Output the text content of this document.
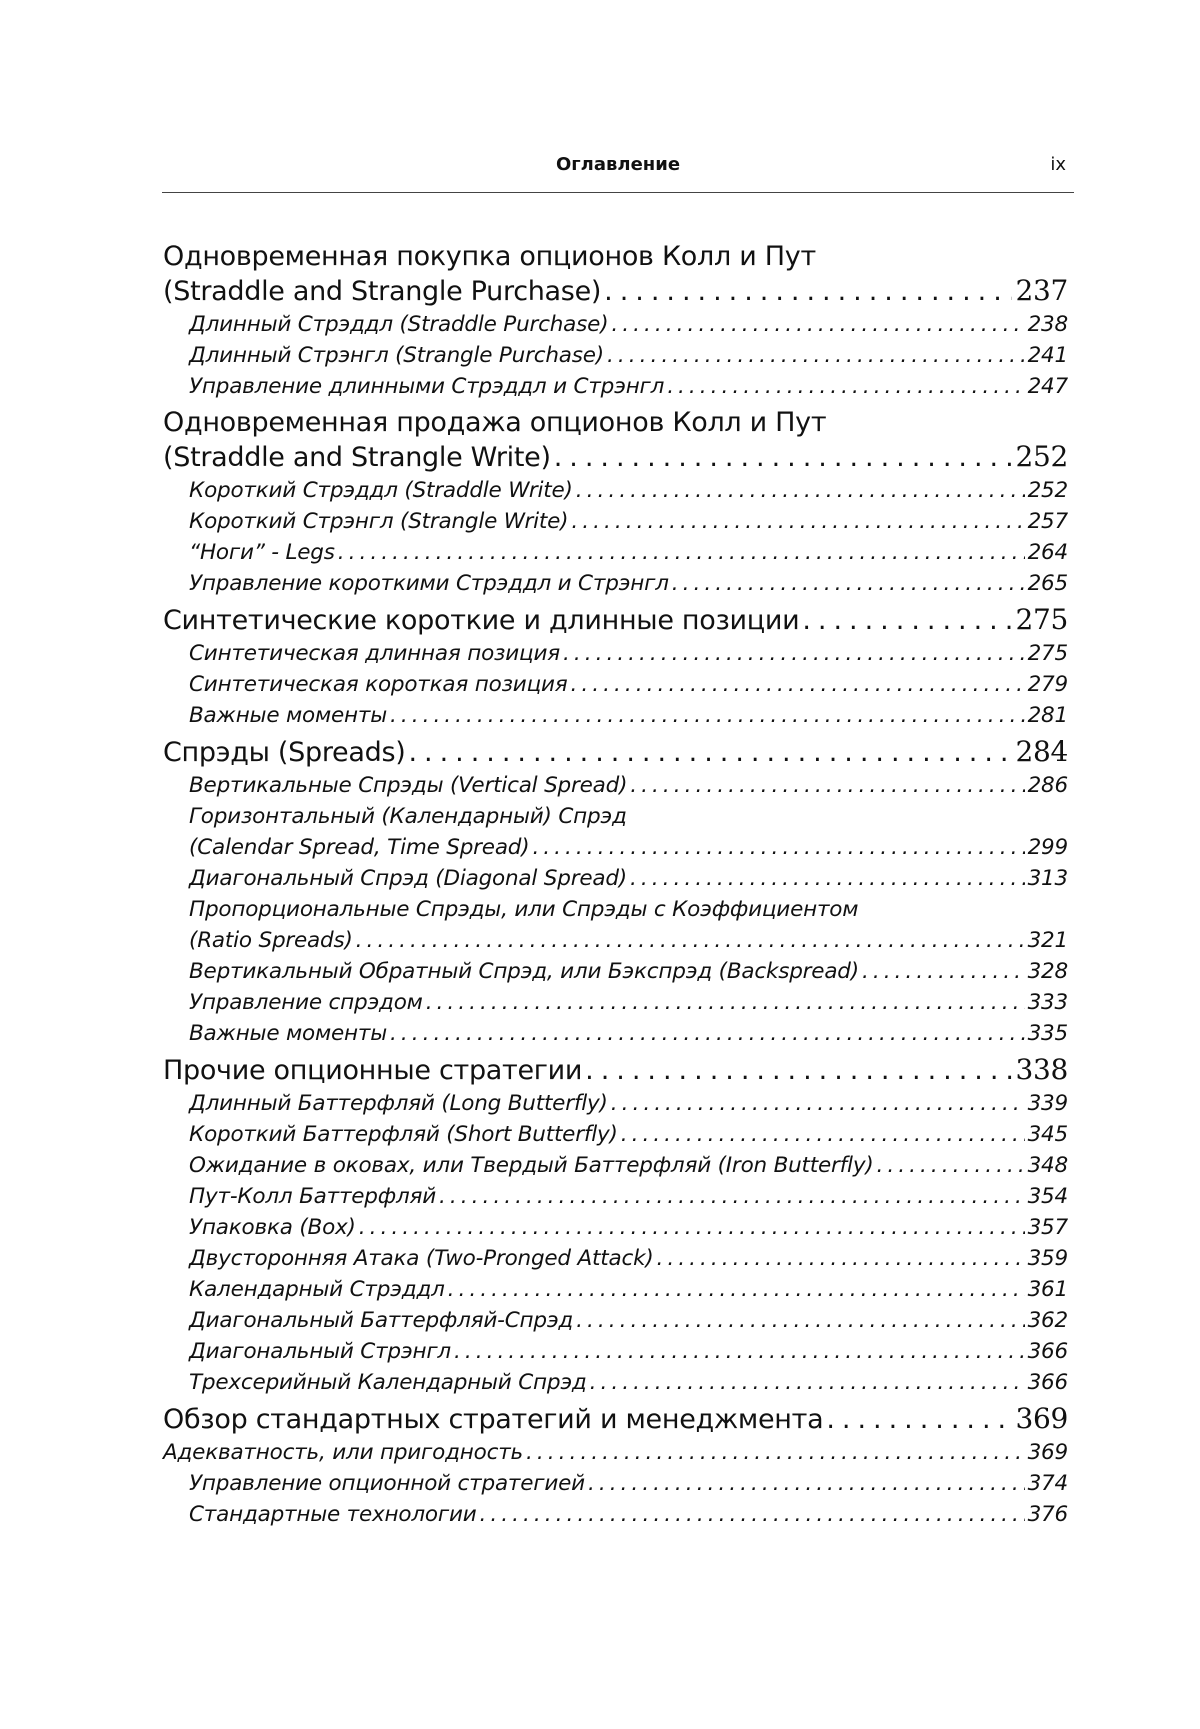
Оглавление	ix
Одновременная покупка опционов Колл и Пут
(Straddle and Strangle Purchase) . . .	237
Длинный Стрэддл (Straddle Purchase) . . .	238
Длинный Стрэнгл (Strangle Purchase) . . .	241
Управление длинными Стрэддл и Стрэнгл . . .	247
Одновременная продажа опционов Колл и Пут
(Straddle and Strangle Write) . . .	252
Короткий Стрэддл (Straddle Write) . . .	252
Короткий Стрэнгл (Strangle Write) . . .	257
“Ноги” - Legs . . .	264
Управление короткими Стрэддл и Стрэнгл . . .	265
Синтетические короткие и длинные позиции . . .	275
Синтетическая длинная позиция . . .	275
Синтетическая короткая позиция . . .	279
Важные моменты . . .	281
Спрэды (Spreads) . . .	284
Вертикальные Спрэды (Vertical Spread) . . .	286
Горизонтальный (Календарный) Спрэд
(Calendar Spread, Time Spread) . . .	299
Диагональный Спрэд (Diagonal Spread) . . .	313
Пропорциональные Спрэды, или Спрэды с Коэффициентом
(Ratio Spreads) . . .	321
Вертикальный Обратный Спрэд, или Бэкспрэд (Backspread) . . .	328
Управление спрэдом . . .	333
Важные моменты . . .	335
Прочие опционные стратегии . . .	338
Длинный Баттерфляй (Long Butterfly) . . .	339
Короткий Баттерфляй (Short Butterfly) . . .	345
Ожидание в оковах, или Твердый Баттерфляй (Iron Butterfly) . . .	348
Пут-Колл Баттерфляй . . .	354
Упаковка (Box) . . .	357
Двусторонняя Атака (Two-Pronged Attack) . . .	359
Календарный Стрэддл . . .	361
Диагональный Баттерфляй-Спрэд . . .	362
Диагональный Стрэнгл . . .	366
Трехсерийный Календарный Спрэд . . .	366
Обзор стандартных стратегий и менеджмента . . .	369
Адекватность, или пригодность . . .	369
Управление опционной стратегией . . .	374
Стандартные технологии . . .	376
